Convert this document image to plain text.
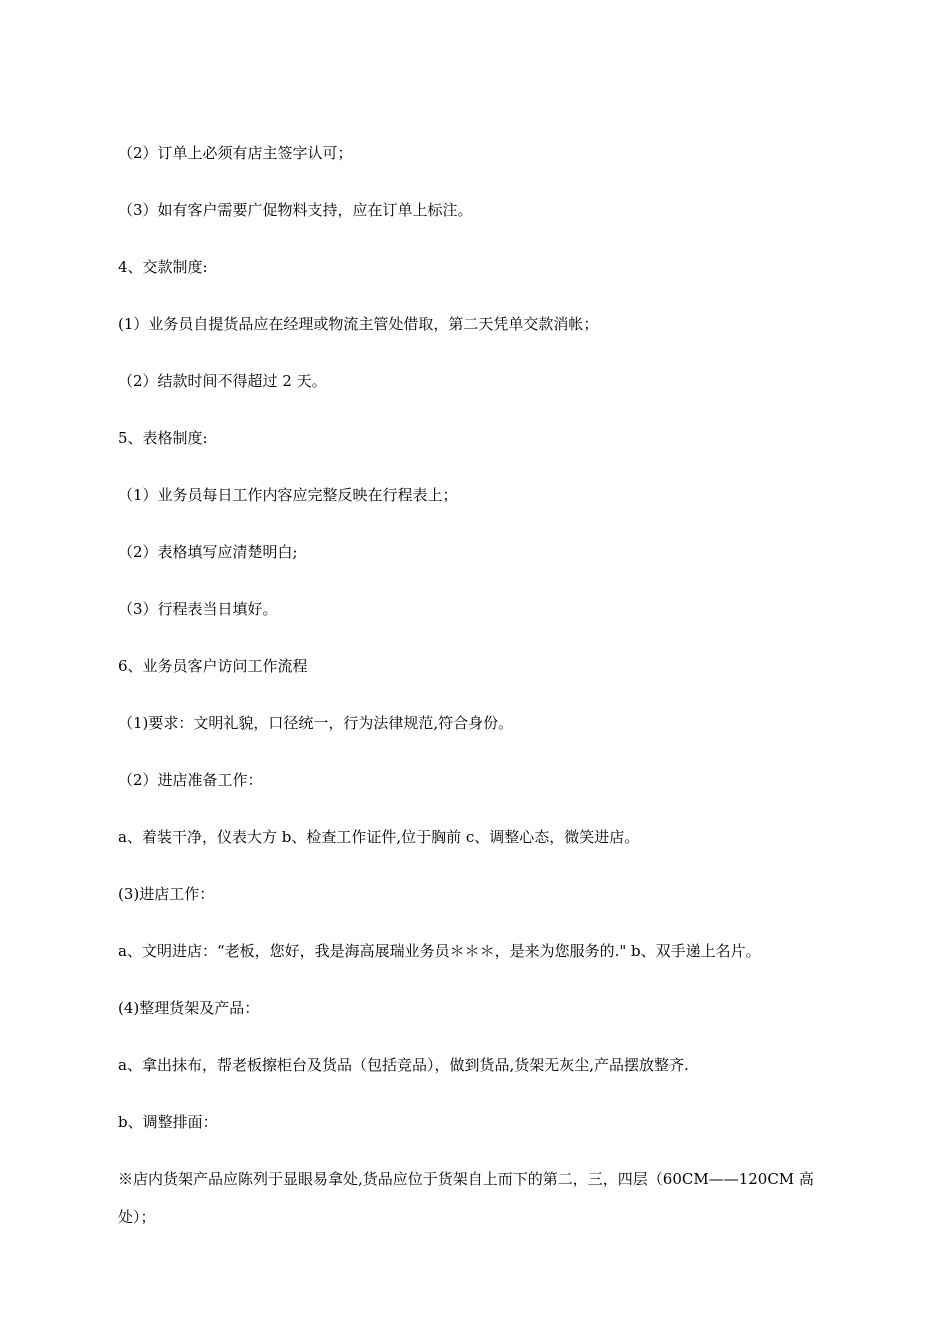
（2）订单上必须有店主签字认可；

（3）如有客户需要广促物料支持，应在订单上标注。

4、交款制度:

(1）业务员自提货品应在经理或物流主管处借取，第二天凭单交款消帐；

（2）结款时间不得超过 2 天。

5、表格制度:

（1）业务员每日工作内容应完整反映在行程表上；

（2）表格填写应清楚明白;

（3）行程表当日填好。

6、业务员客户访问工作流程

（1)要求：文明礼貌，口径统一，行为法律规范,符合身份。

（2）进店准备工作：

a、着装干净，仪表大方 b、检查工作证件,位于胸前 c、调整心态，微笑进店。

(3)进店工作：

a、文明进店：“老板，您好，我是海高展瑞业务员＊＊＊，是来为您服务的." b、双手递上名片。

(4)整理货架及产品：

a、拿出抹布，帮老板擦柜台及货品（包括竞品），做到货品,货架无灰尘,产品摆放整齐.

b、调整排面：

※店内货架产品应陈列于显眼易拿处,货品应位于货架自上而下的第二，三，四层（60CM——120CM 高处）；
